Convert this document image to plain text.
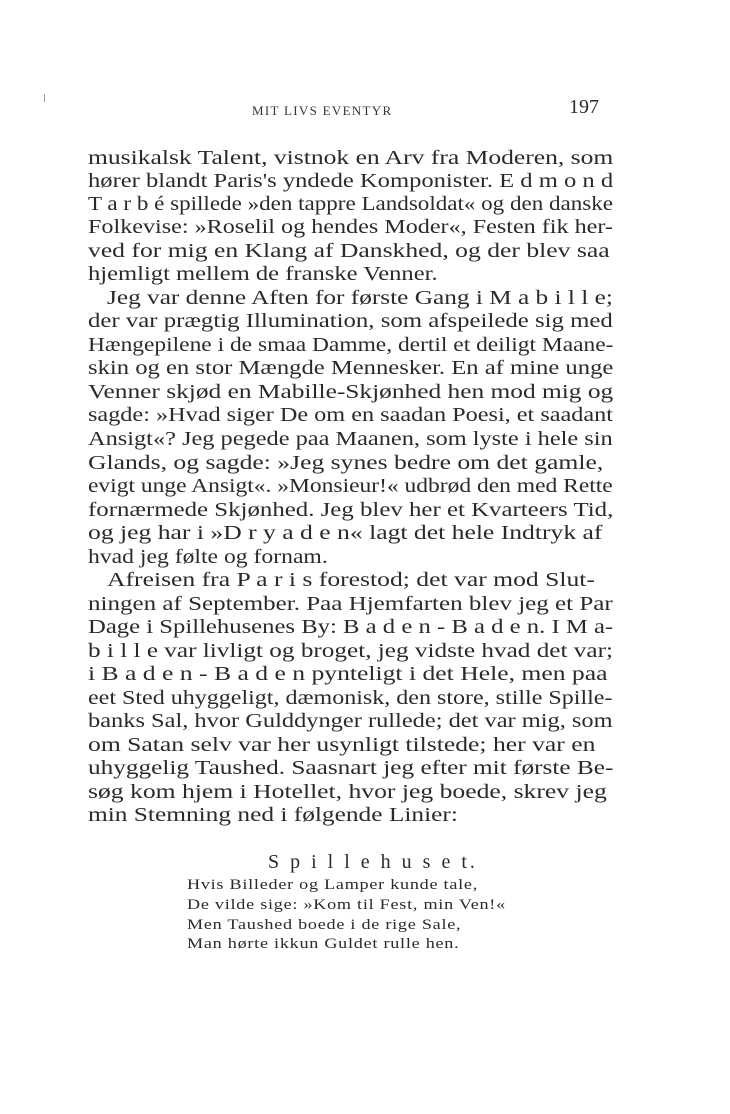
MIT LIVS EVENTYR	197
musikalsk Talent, vistnok en Arv fra Moderen, som
hører blandt Paris's yndede Komponister. E d m o n d
T a r b é spillede »den tappre Landsoldat« og den danske
Folkevise: »Roselil og hendes Moder«, Festen fik her-
ved for mig en Klang af Danskhed, og der blev saa
hjemligt mellem de franske Venner.
Jeg var denne Aften for første Gang i M a b i l l e;
der var prægtig Illumination, som afspeilede sig med
Hængepilene i de smaa Damme, dertil et deiligt Maane-
skin og en stor Mængde Mennesker. En af mine unge
Venner skjød en Mabille-Skjønhed hen mod mig og
sagde: »Hvad siger De om en saadan Poesi, et saadant
Ansigt«? Jeg pegede paa Maanen, som lyste i hele sin
Glands, og sagde: »Jeg synes bedre om det gamle,
evigt unge Ansigt«. »Monsieur!« udbrød den med Rette
fornærmede Skjønhed. Jeg blev her et Kvarteers Tid,
og jeg har i »D r y a d e n« lagt det hele Indtryk af
hvad jeg følte og fornam.
Afreisen fra P a r i s forestod; det var mod Slut-
ningen af September. Paa Hjemfarten blev jeg et Par
Dage i Spillehusenes By: B a d e n - B a d e n. I M a-
b i l l e var livligt og broget, jeg vidste hvad det var;
i B a d e n - B a d e n pynteligt i det Hele, men paa
eet Sted uhyggeligt, dæmonisk, den store, stille Spille-
banks Sal, hvor Gulddynger rullede; det var mig, som
om Satan selv var her usynligt tilstede; her var en
uhyggelig Taushed. Saasnart jeg efter mit første Be-
søg kom hjem i Hotellet, hvor jeg boede, skrev jeg
min Stemning ned i følgende Linier:
S p i l l e h u s e t.
Hvis Billeder og Lamper kunde tale,
De vilde sige: »Kom til Fest, min Ven!«
Men Taushed boede i de rige Sale,
Man hørte ikkun Guldet rulle hen.
